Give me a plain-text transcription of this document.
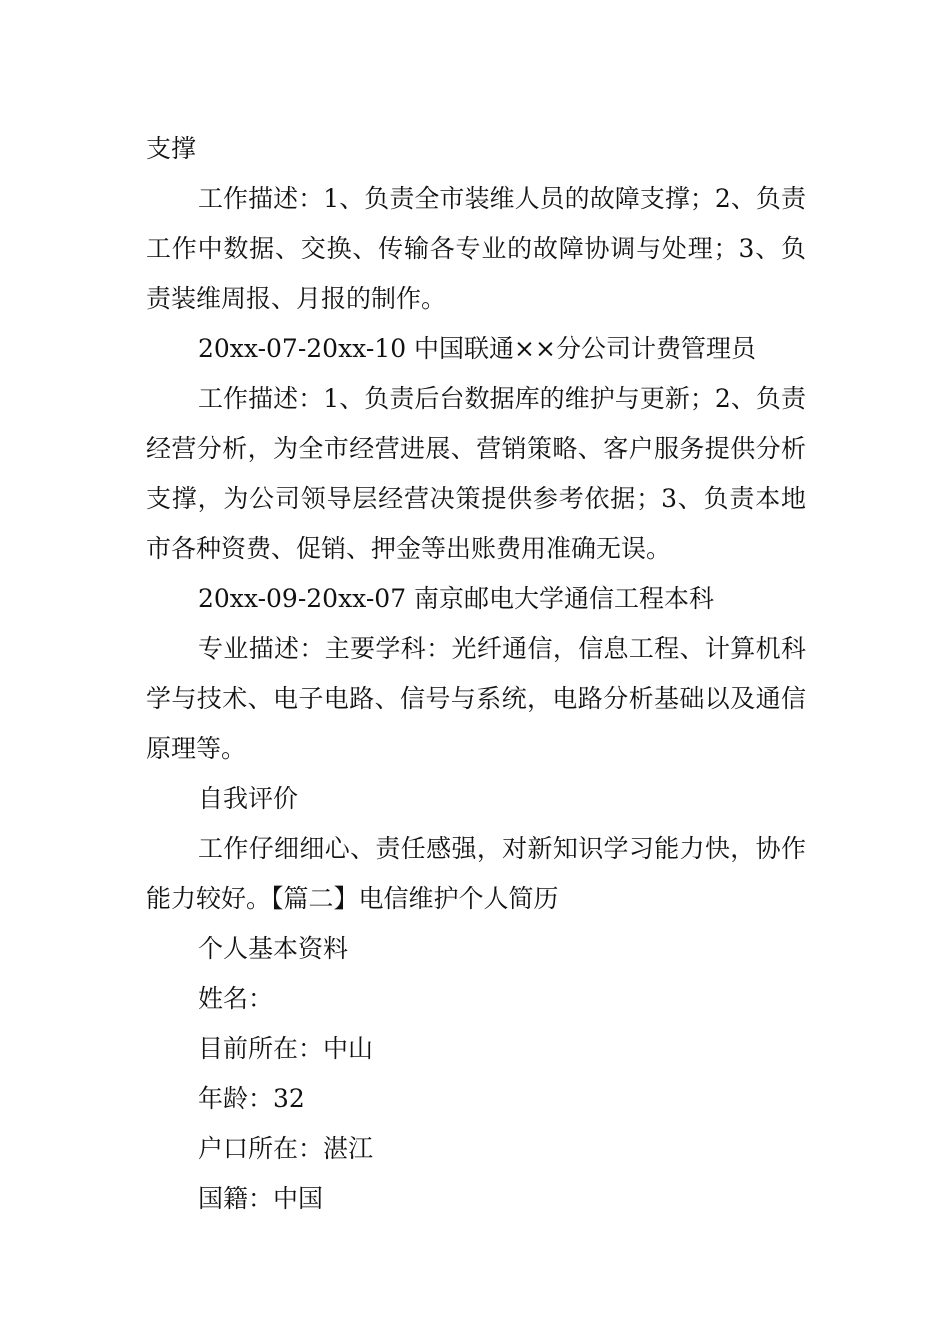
支撑

工作描述：1、负责全市装维人员的故障支撑；2、负责工作中数据、交换、传输各专业的故障协调与处理；3、负责装维周报、月报的制作。

20xx-07-20xx-10 中国联通××分公司计费管理员

工作描述：1、负责后台数据库的维护与更新；2、负责经营分析，为全市经营进展、营销策略、客户服务提供分析支撑，为公司领导层经营决策提供参考依据；3、负责本地市各种资费、促销、押金等出账费用准确无误。

20xx-09-20xx-07 南京邮电大学通信工程本科

专业描述：主要学科：光纤通信，信息工程、计算机科学与技术、电子电路、信号与系统，电路分析基础以及通信原理等。

自我评价

工作仔细细心、责任感强，对新知识学习能力快，协作能力较好。【篇二】电信维护个人简历

个人基本资料

姓名：

目前所在：中山

年龄：32

户口所在：湛江

国籍：中国
